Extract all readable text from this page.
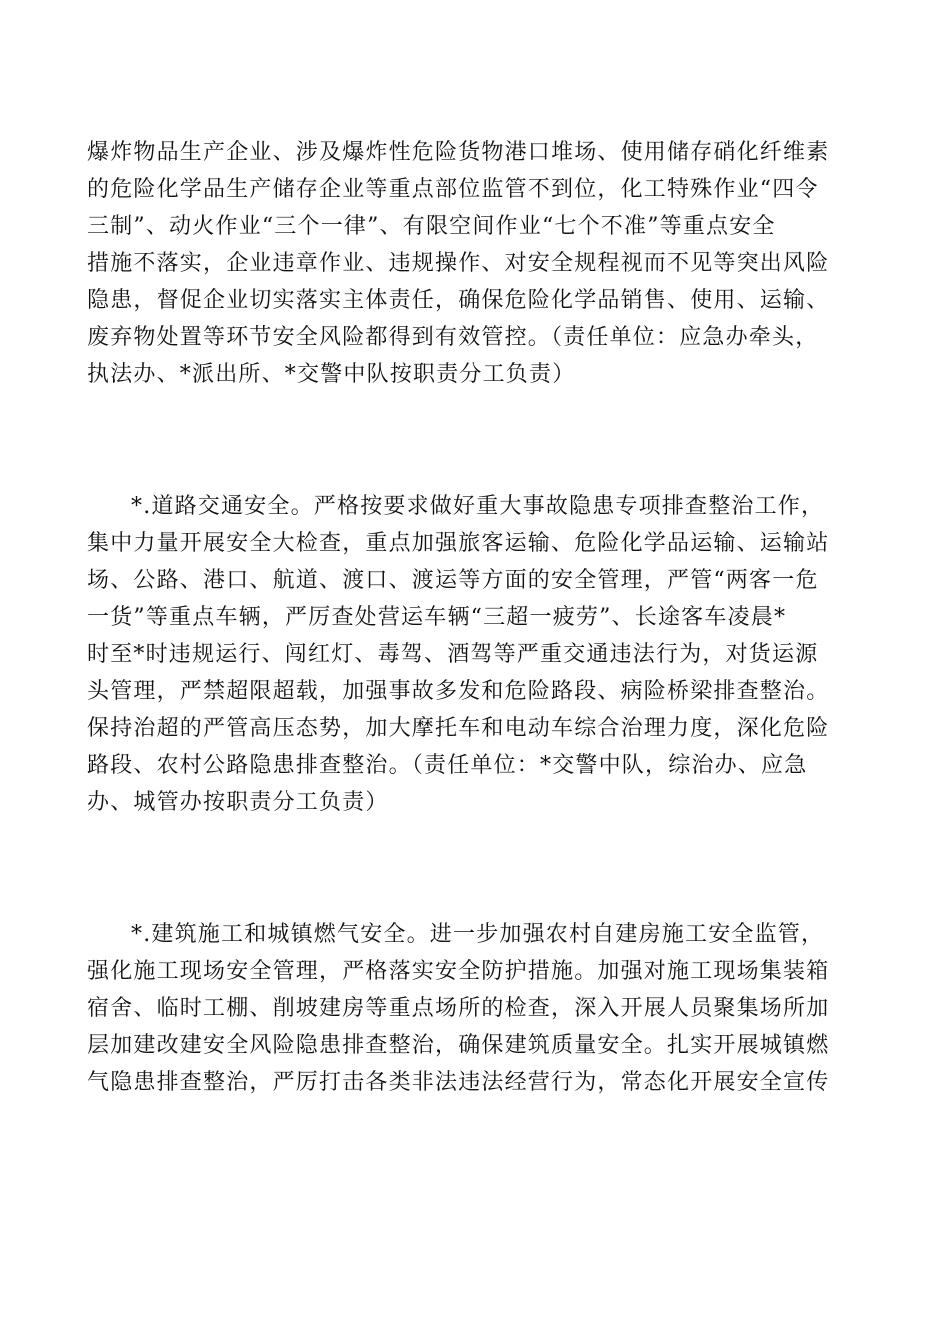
爆炸物品生产企业、涉及爆炸性危险货物港口堆场、使用储存硝化纤维素
的危险化学品生产储存企业等重点部位监管不到位，化工特殊作业“四令
三制”、动火作业“三个一律”、有限空间作业“七个不准”等重点安全
措施不落实，企业违章作业、违规操作、对安全规程视而不见等突出风险
隐患，督促企业切实落实主体责任，确保危险化学品销售、使用、运输、
废弃物处置等环节安全风险都得到有效管控。（责任单位：应急办牵头，
执法办、*派出所、*交警中队按职责分工负责）
*.道路交通安全。严格按要求做好重大事故隐患专项排查整治工作，
集中力量开展安全大检查，重点加强旅客运输、危险化学品运输、运输站
场、公路、港口、航道、渡口、渡运等方面的安全管理，严管“两客一危
一货”等重点车辆，严厉查处营运车辆“三超一疲劳”、长途客车凌晨*
时至*时违规运行、闯红灯、毒驾、酒驾等严重交通违法行为，对货运源
头管理，严禁超限超载，加强事故多发和危险路段、病险桥梁排查整治。
保持治超的严管高压态势，加大摩托车和电动车综合治理力度，深化危险
路段、农村公路隐患排查整治。（责任单位：*交警中队，综治办、应急
办、城管办按职责分工负责）
*.建筑施工和城镇燃气安全。进一步加强农村自建房施工安全监管，
强化施工现场安全管理，严格落实安全防护措施。加强对施工现场集装箱
宿舍、临时工棚、削坡建房等重点场所的检查，深入开展人员聚集场所加
层加建改建安全风险隐患排查整治，确保建筑质量安全。扎实开展城镇燃
气隐患排查整治，严厉打击各类非法违法经营行为，常态化开展安全宣传
